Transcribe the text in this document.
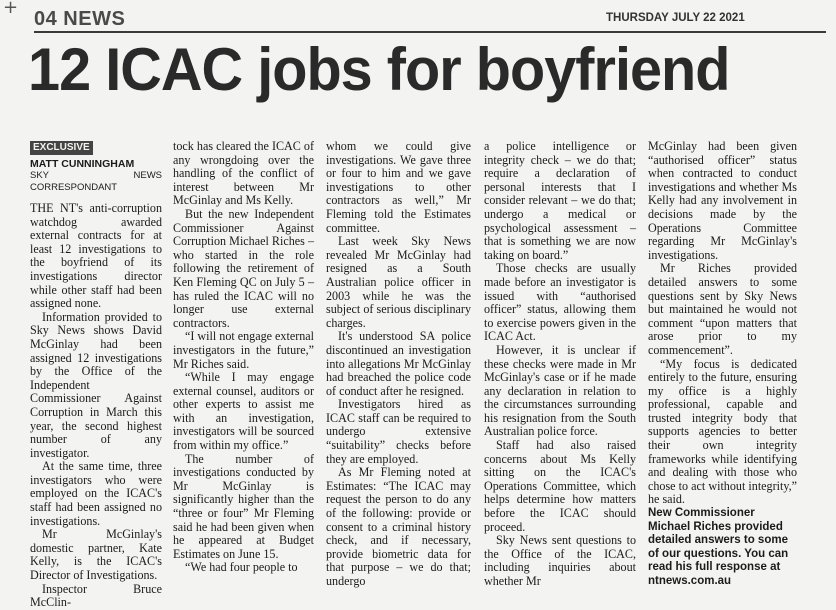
+
04 NEWS	THURSDAY JULY 22 2021
12 ICAC jobs for boyfriend
EXCLUSIVE
MATT CUNNINGHAM
SKY NEWS CORRESPONDANT

THE NT's anti-corruption watchdog awarded external contracts for at least 12 investigations to the boyfriend of its investigations director while other staff had been assigned none.

Information provided to Sky News shows David McGinlay had been assigned 12 investigations by the Office of the Independent Commissioner Against Corruption in March this year, the second highest number of any investigator.

At the same time, three investigators who were employed on the ICAC's staff had been assigned no investigations.

Mr McGinlay's domestic partner, Kate Kelly, is the ICAC's Director of Investigations.

Inspector Bruce McClin-

tock has cleared the ICAC of any wrongdoing over the handling of the conflict of interest between Mr McGinlay and Ms Kelly.

But the new Independent Commissioner Against Corruption Michael Riches – who started in the role following the retirement of Ken Fleming QC on July 5 – has ruled the ICAC will no longer use external contractors.

“I will not engage external investigators in the future,” Mr Riches said.

“While I may engage external counsel, auditors or other experts to assist me with an investigation, investigators will be sourced from within my office.”

The number of investigations conducted by Mr McGinlay is significantly higher than the “three or four” Mr Fleming said he had been given when he appeared at Budget Estimates on June 15.

“We had four people to

whom we could give investigations. We gave three or four to him and we gave investigations to other contractors as well,” Mr Fleming told the Estimates committee.

Last week Sky News revealed Mr McGinlay had resigned as a South Australian police officer in 2003 while he was the subject of serious disciplinary charges.

It's understood SA police discontinued an investigation into allegations Mr McGinlay had breached the police code of conduct after he resigned.

Investigators hired as ICAC staff can be required to undergo extensive “suitability” checks before they are employed.

As Mr Fleming noted at Estimates: “The ICAC may request the person to do any of the following: provide or consent to a criminal history check, and if necessary, provide biometric data for that purpose – we do that; undergo

a police intelligence or integrity check – we do that; require a declaration of personal interests that I consider relevant – we do that; undergo a medical or psychological assessment – that is something we are now taking on board.”

Those checks are usually made before an investigator is issued with “authorised officer” status, allowing them to exercise powers given in the ICAC Act.

However, it is unclear if these checks were made in Mr McGinlay's case or if he made any declaration in relation to the circumstances surrounding his resignation from the South Australian police force.

Staff had also raised concerns about Ms Kelly sitting on the ICAC's Operations Committee, which helps determine how matters before the ICAC should proceed.

Sky News sent questions to the Office of the ICAC, including inquiries about whether Mr

McGinlay had been given “authorised officer” status when contracted to conduct investigations and whether Ms Kelly had any involvement in decisions made by the Operations Committee regarding Mr McGinlay's investigations.

Mr Riches provided detailed answers to some questions sent by Sky News but maintained he would not comment “upon matters that arose prior to my commencement”.

“My focus is dedicated entirely to the future, ensuring my office is a highly professional, capable and trusted integrity body that supports agencies to better their own integrity frameworks while identifying and dealing with those who chose to act without integrity,” he said.

New Commissioner Michael Riches provided detailed answers to some of our questions. You can read his full response at ntnews.com.au
